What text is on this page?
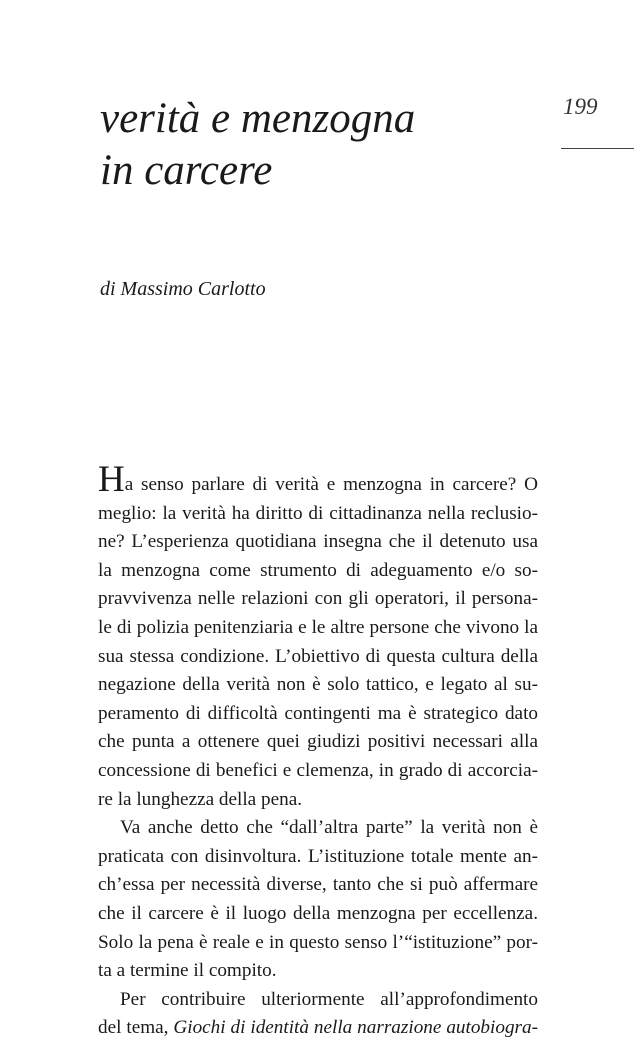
199
verità e menzogna
in carcere
di Massimo Carlotto
Ha senso parlare di verità e menzogna in carcere? O
meglio: la verità ha diritto di cittadinanza nella reclusio-
ne? L’esperienza quotidiana insegna che il detenuto usa
la menzogna come strumento di adeguamento e/o so-
pravvivenza nelle relazioni con gli operatori, il persona-
le di polizia penitenziaria e le altre persone che vivono la
sua stessa condizione. L’obiettivo di questa cultura della
negazione della verità non è solo tattico, e legato al su-
peramento di difficoltà contingenti ma è strategico dato
che punta a ottenere quei giudizi positivi necessari alla
concessione di benefici e clemenza, in grado di accorcia-
re la lunghezza della pena.
Va anche detto che “dall’altra parte” la verità non è
praticata con disinvoltura. L’istituzione totale mente an-
ch’essa per necessità diverse, tanto che si può affermare
che il carcere è il luogo della menzogna per eccellenza.
Solo la pena è reale e in questo senso l’“istituzione” por-
ta a termine il compito.
Per contribuire ulteriormente all’approfondimento
del tema, Giochi di identità nella narrazione autobiogra-
